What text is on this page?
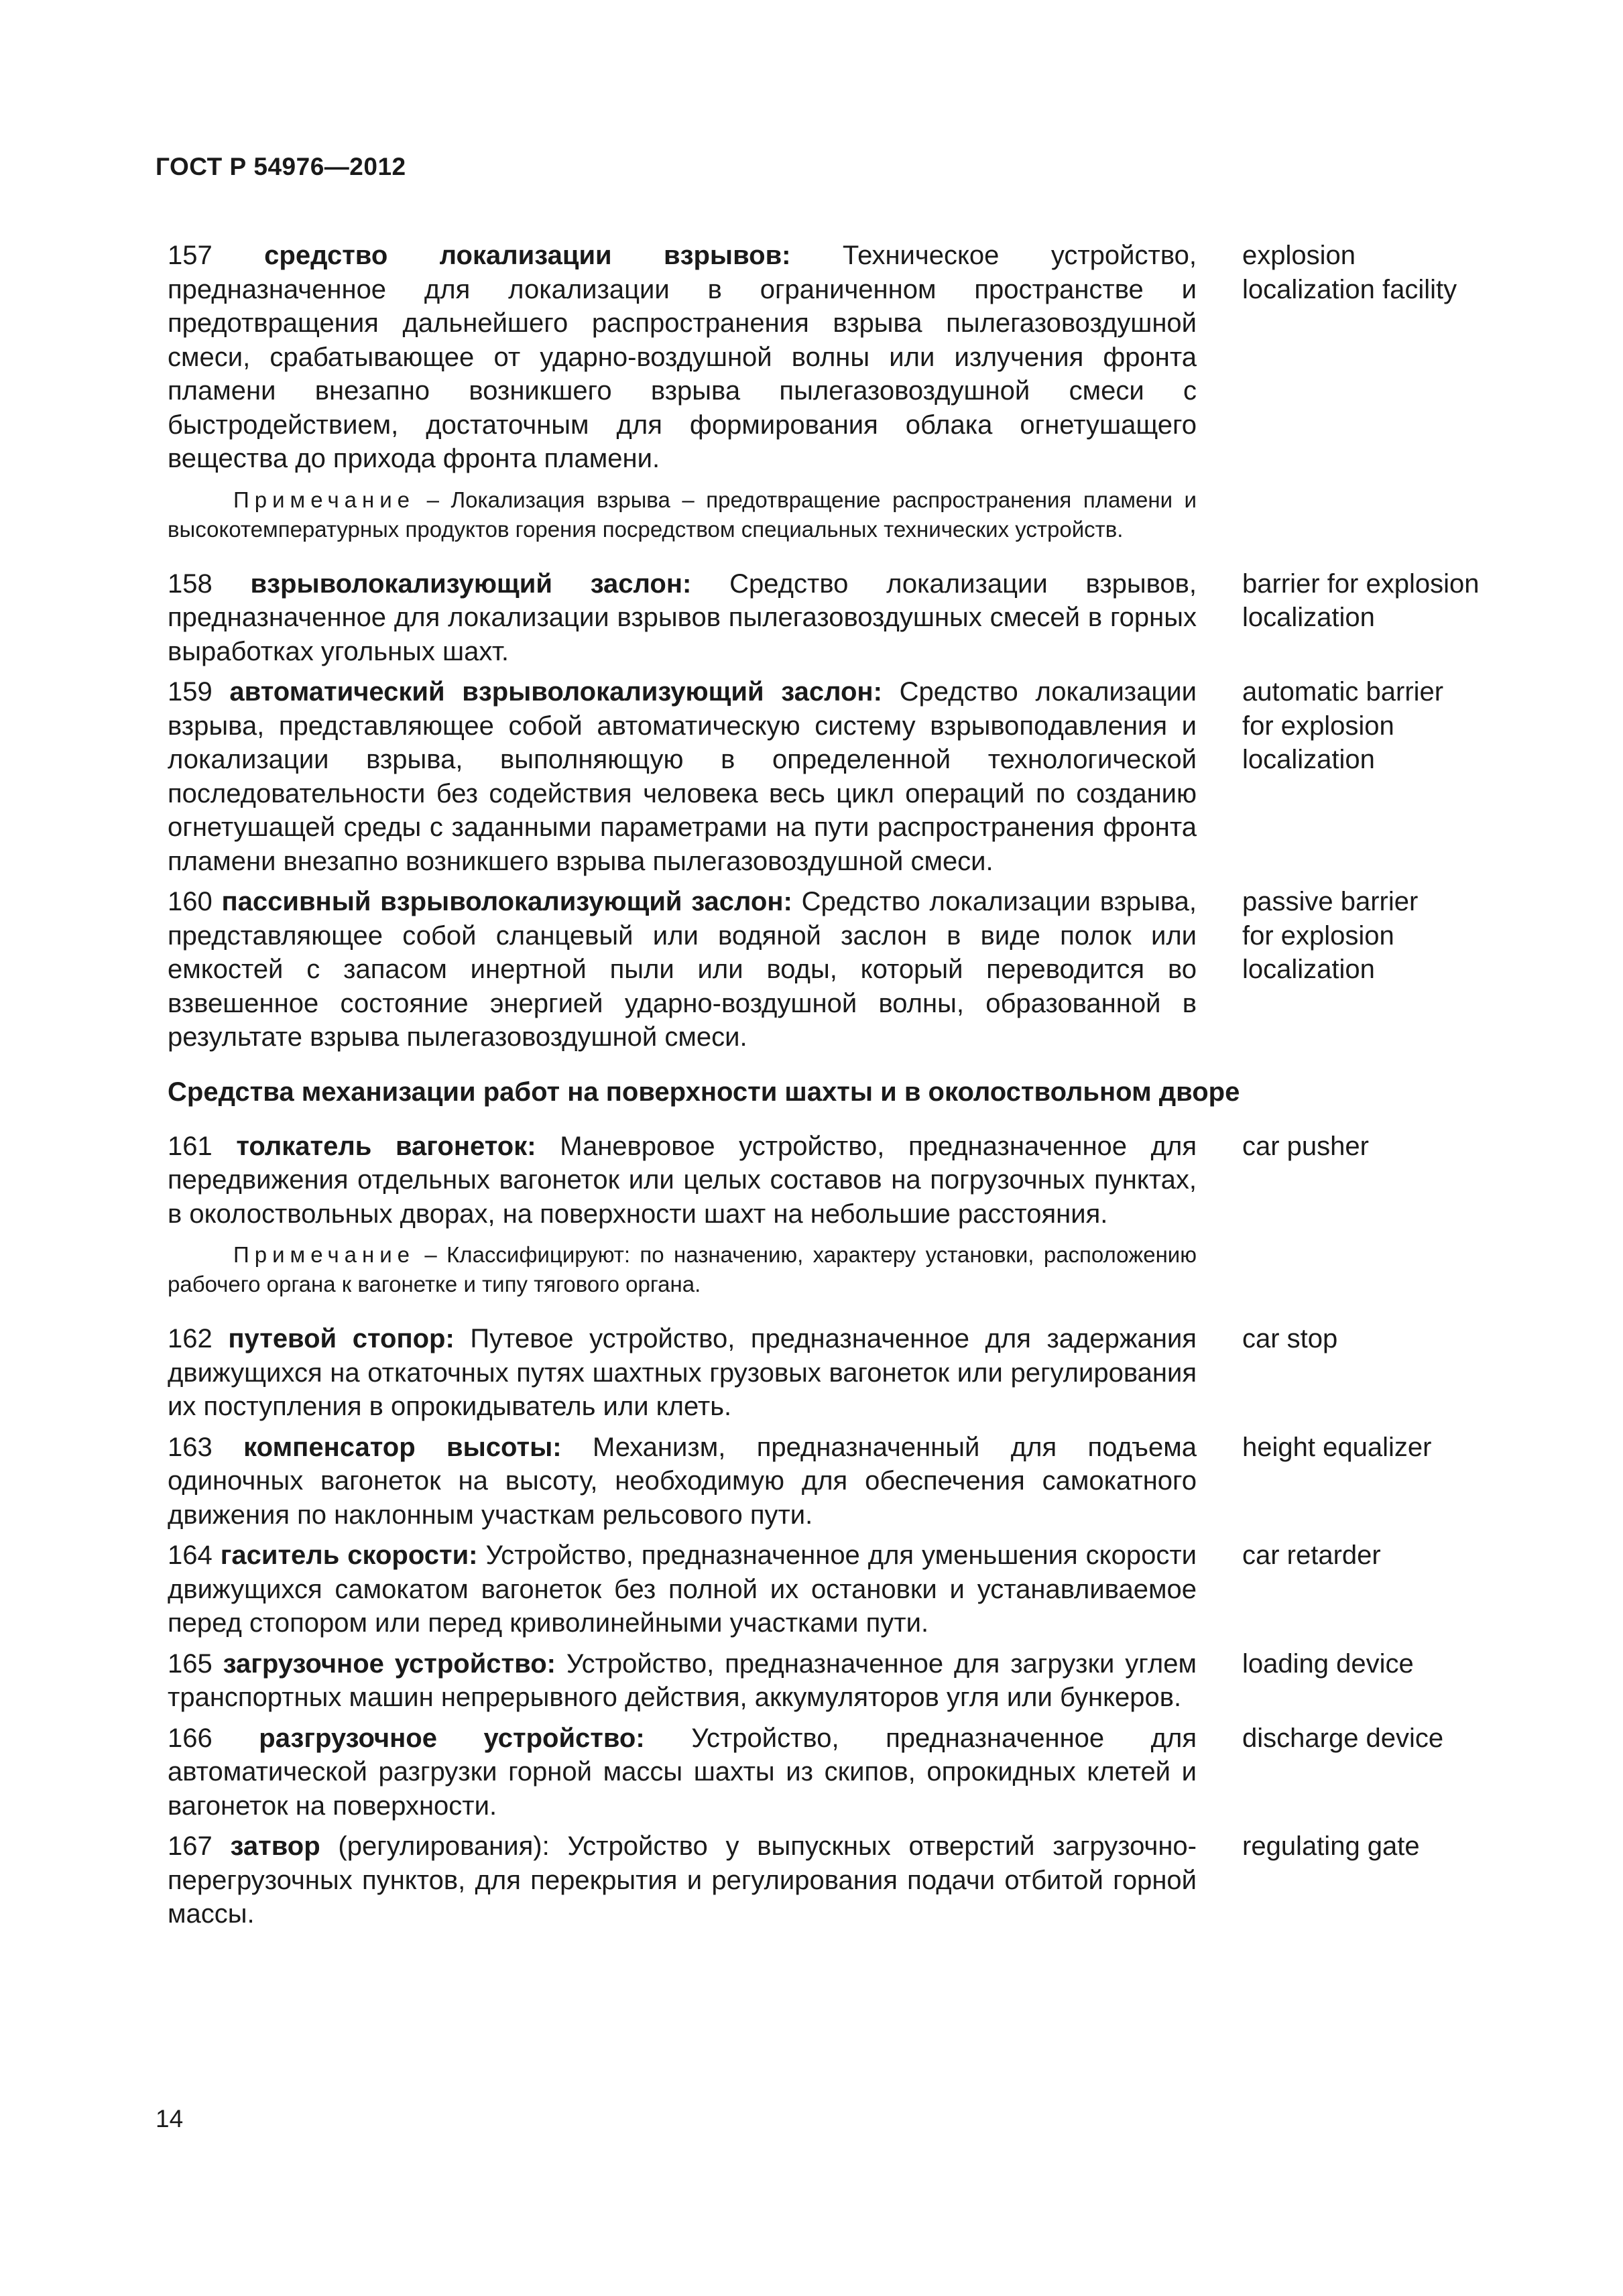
ГОСТ Р 54976—2012
157 средство локализации взрывов: Техническое устройство, предназначенное для локализации в ограниченном пространстве и предотвращения дальнейшего распространения взрыва пылегазовоздушной смеси, срабатывающее от ударно-воздушной волны или излучения фронта пламени внезапно возникшего взрыва пылегазовоздушной смеси с быстродействием, достаточным для формирования облака огнетушащего вещества до прихода фронта пламени.
explosion
localization facility
Примечание – Локализация взрыва – предотвращение распространения пламени и высокотемпературных продуктов горения посредством специальных технических устройств.
158 взрыволокализующий заслон: Средство локализации взрывов, предназначенное для локализации взрывов пылегазовоздушных смесей в горных выработках угольных шахт.
barrier for explosion
localization
159 автоматический взрыволокализующий заслон: Средство локализации взрыва, представляющее собой автоматическую систему взрывоподавления и локализации взрыва, выполняющую в определенной технологической последовательности без содействия человека весь цикл операций по созданию огнетушащей среды с заданными параметрами на пути распространения фронта пламени внезапно возникшего взрыва пылегазовоздушной смеси.
automatic barrier
for explosion
localization
160 пассивный взрыволокализующий заслон: Средство локализации взрыва, представляющее собой сланцевый или водяной заслон в виде полок или емкостей с запасом инертной пыли или воды, который переводится во взвешенное состояние энергией ударно-воздушной волны, образованной в результате взрыва пылегазовоздушной смеси.
passive barrier
for explosion
localization
Средства механизации работ на поверхности шахты и в околоствольном дворе
161 толкатель вагонеток: Маневровое устройство, предназначенное для передвижения отдельных вагонеток или целых составов на погрузочных пунктах, в околоствольных дворах, на поверхности шахт на небольшие расстояния.
car pusher
Примечание – Классифицируют: по назначению, характеру установки, расположению рабочего органа к вагонетке и типу тягового органа.
162 путевой стопор: Путевое устройство, предназначенное для задержания движущихся на откаточных путях шахтных грузовых вагонеток или регулирования их поступления в опрокидыватель или клеть.
car stop
163 компенсатор высоты: Механизм, предназначенный для подъема одиночных вагонеток на высоту, необходимую для обеспечения самокатного движения по наклонным участкам рельсового пути.
height equalizer
164 гаситель скорости: Устройство, предназначенное для уменьшения скорости движущихся самокатом вагонеток без полной их остановки и устанавливаемое перед стопором или перед криволинейными участками пути.
car retarder
165 загрузочное устройство: Устройство, предназначенное для загрузки углем транспортных машин непрерывного действия, аккумуляторов угля или бункеров.
loading device
166 разгрузочное устройство: Устройство, предназначенное для автоматической разгрузки горной массы шахты из скипов, опрокидных клетей и вагонеток на поверхности.
discharge device
167 затвор (регулирования): Устройство у выпускных отверстий загрузочно-перегрузочных пунктов, для перекрытия и регулирования подачи отбитой горной массы.
regulating gate
14
